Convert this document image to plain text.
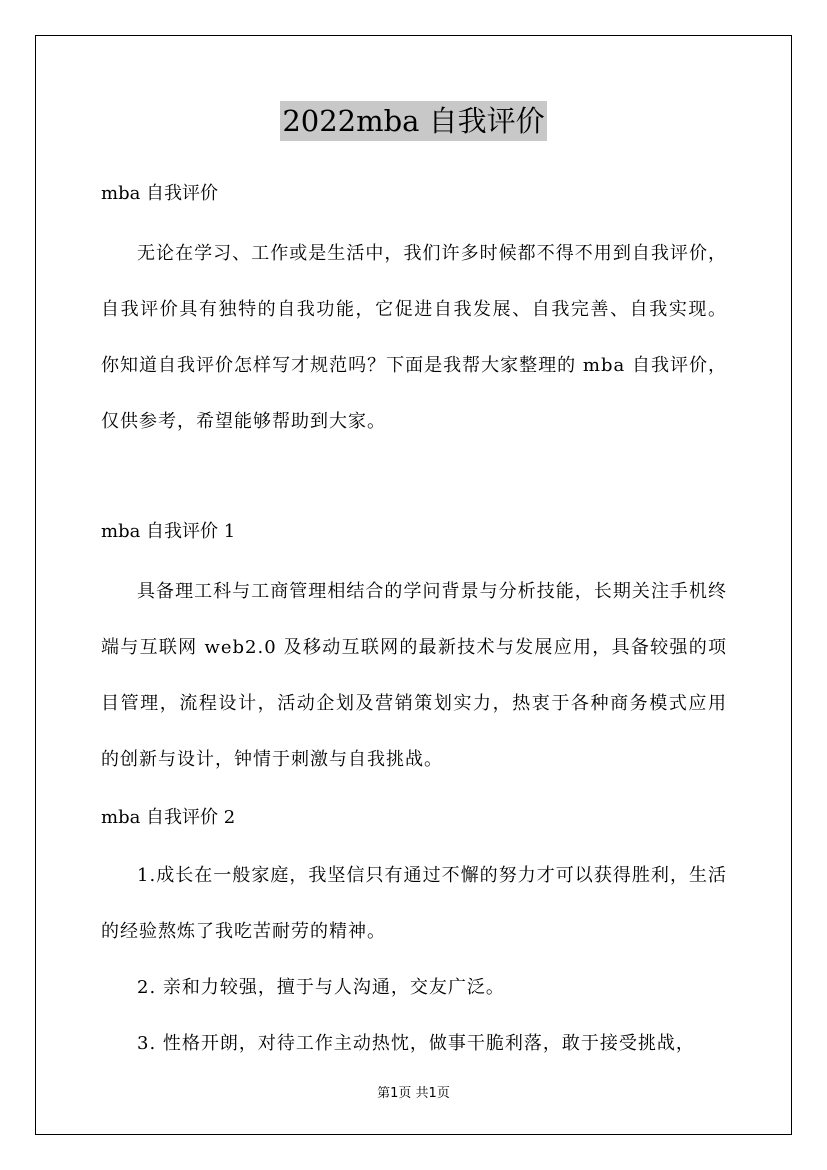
2022mba 自我评价

mba 自我评价

无论在学习、工作或是生活中，我们许多时候都不得不用到自我评价，自我评价具有独特的自我功能，它促进自我发展、自我完善、自我实现。你知道自我评价怎样写才规范吗？下面是我帮大家整理的 mba 自我评价，仅供参考，希望能够帮助到大家。

mba 自我评价 1

具备理工科与工商管理相结合的学问背景与分析技能，长期关注手机终端与互联网 web2.0 及移动互联网的最新技术与发展应用，具备较强的项目管理，流程设计，活动企划及营销策划实力，热衷于各种商务模式应用的创新与设计，钟情于刺激与自我挑战。

mba 自我评价 2

1.成长在一般家庭，我坚信只有通过不懈的努力才可以获得胜利，生活的经验熬炼了我吃苦耐劳的精神。

2. 亲和力较强，擅于与人沟通，交友广泛。

3. 性格开朗，对待工作主动热忱，做事干脆利落，敢于接受挑战，

第1页 共1页
